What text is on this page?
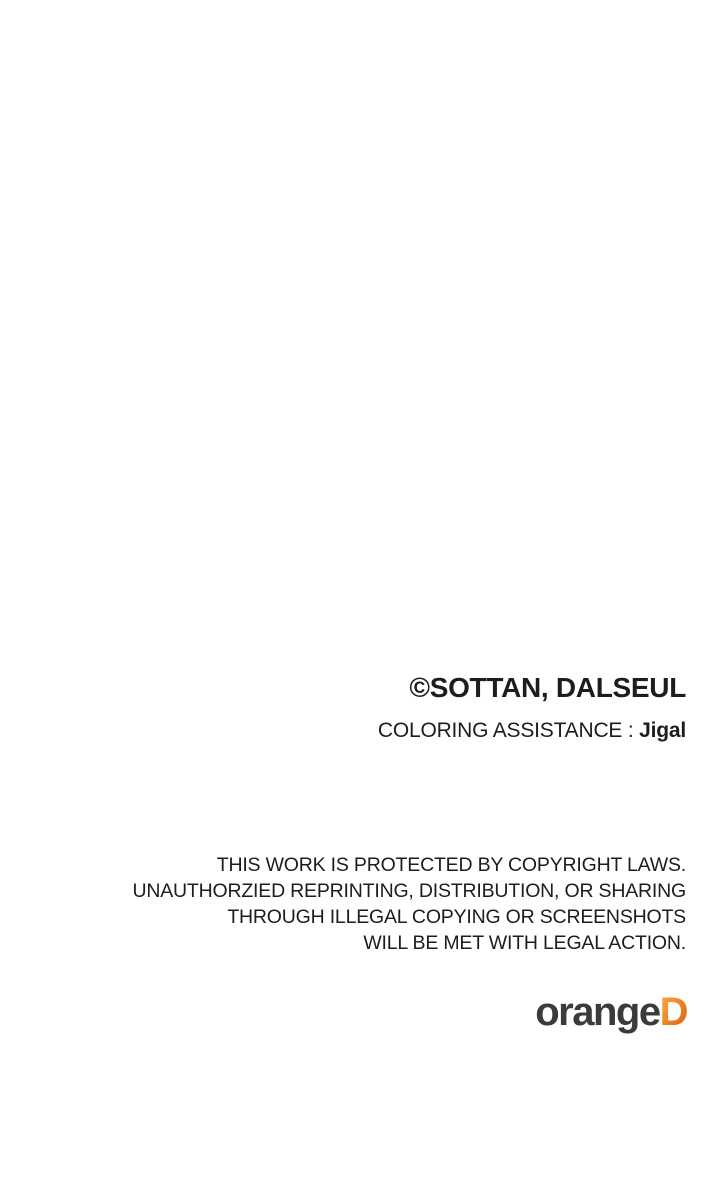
©SOTTAN, DALSEUL
COLORING ASSISTANCE : Jigal
THIS WORK IS PROTECTED BY COPYRIGHT LAWS.
UNAUTHORZIED REPRINTING, DISTRIBUTION, OR SHARING
THROUGH ILLEGAL COPYING OR SCREENSHOTS
WILL BE MET WITH LEGAL ACTION.
orange D
